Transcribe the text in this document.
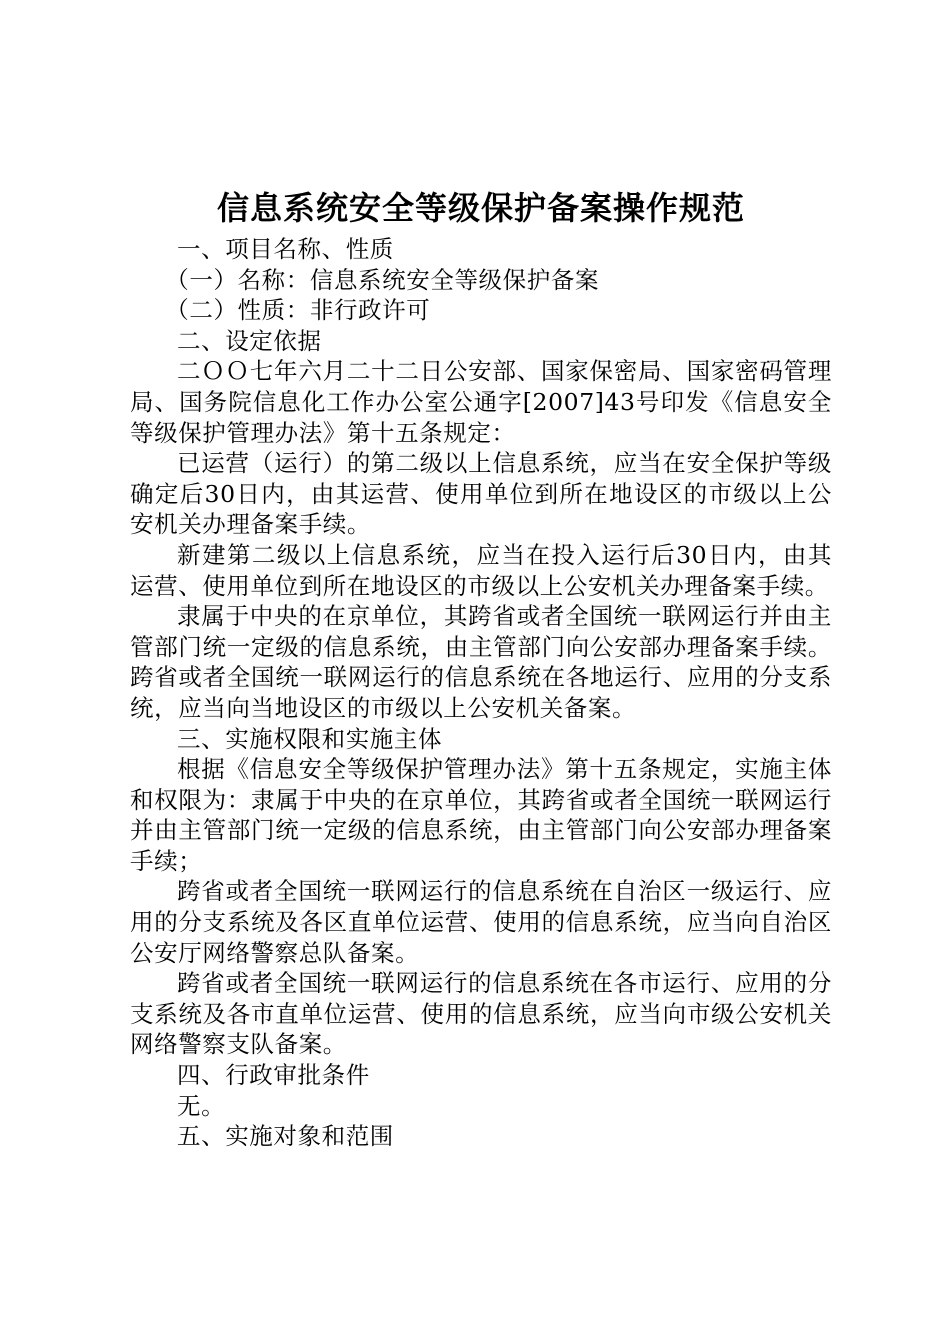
信息系统安全等级保护备案操作规范

一、项目名称、性质

（一）名称：信息系统安全等级保护备案

（二）性质：非行政许可

二、设定依据

二ＯＯ七年六月二十二日公安部、国家保密局、国家密码管理局、国务院信息化工作办公室公通字[2007]43号印发《信息安全等级保护管理办法》第十五条规定：

已运营（运行）的第二级以上信息系统，应当在安全保护等级确定后30日内，由其运营、使用单位到所在地设区的市级以上公安机关办理备案手续。

新建第二级以上信息系统，应当在投入运行后30日内，由其运营、使用单位到所在地设区的市级以上公安机关办理备案手续。

隶属于中央的在京单位，其跨省或者全国统一联网运行并由主管部门统一定级的信息系统，由主管部门向公安部办理备案手续。跨省或者全国统一联网运行的信息系统在各地运行、应用的分支系统，应当向当地设区的市级以上公安机关备案。

三、实施权限和实施主体

根据《信息安全等级保护管理办法》第十五条规定，实施主体和权限为：隶属于中央的在京单位，其跨省或者全国统一联网运行并由主管部门统一定级的信息系统，由主管部门向公安部办理备案手续；

跨省或者全国统一联网运行的信息系统在自治区一级运行、应用的分支系统及各区直单位运营、使用的信息系统，应当向自治区公安厅网络警察总队备案。

跨省或者全国统一联网运行的信息系统在各市运行、应用的分支系统及各市直单位运营、使用的信息系统，应当向市级公安机关网络警察支队备案。

四、行政审批条件

无。

五、实施对象和范围
